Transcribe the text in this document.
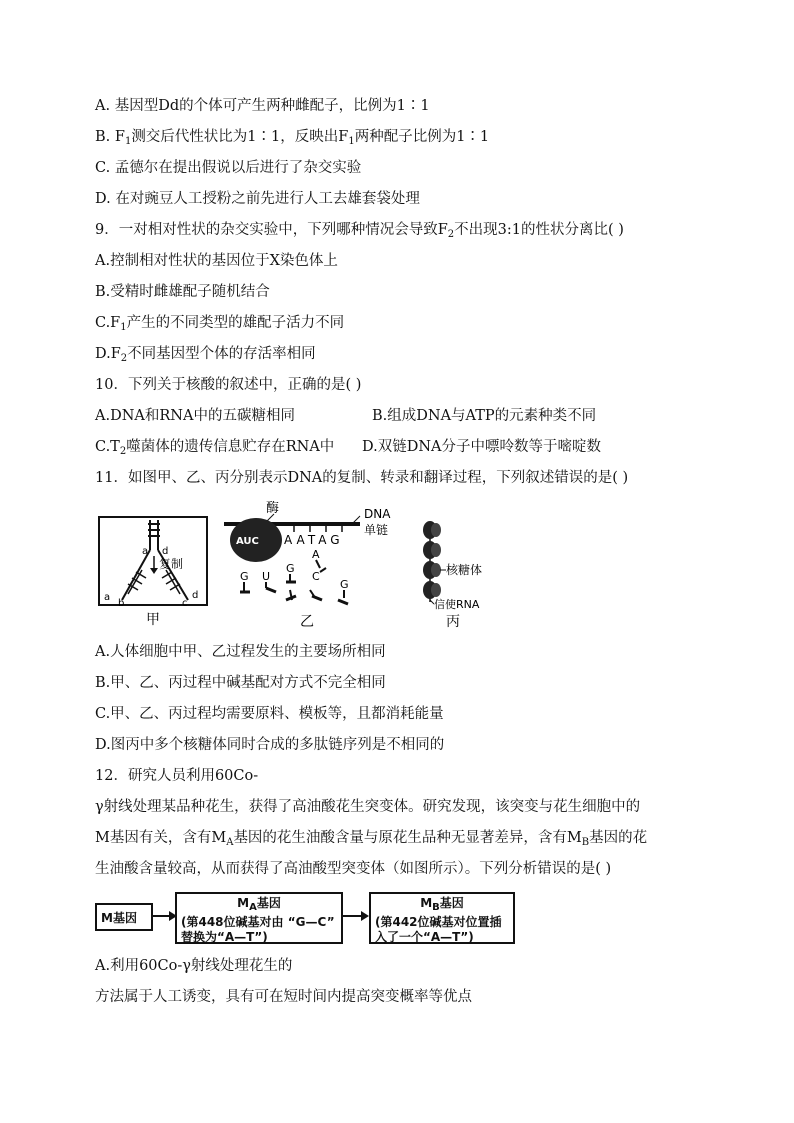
A. 基因型Dd的个体可产生两种雌配子，比例为1∶1
B. $F_1$测交后代性状比为1∶1，反映出$F_1$两种配子比例为1∶1
C. 孟德尔在提出假说以后进行了杂交实验
D. 在对豌豆人工授粉之前先进行人工去雄套袋处理
9．一对相对性状的杂交实验中，下列哪种情况会导致$F_2$不出现3:1的性状分离比( )
A.控制相对性状的基因位于X染色体上
B.受精时雌雄配子随机结合
$C.F_1$产生的不同类型的雄配子活力不同
$D.F_2$不同基因型个体的存活率相同
10．下列关于核酸的叙述中，正确的是( )
A.DNA和RNA中的五碳糖相同	B.组成DNA与ATP的元素种类不同
$C.T_2$噬菌体的遗传信息贮存在RNA中 D.双链DNA分子中嘌呤数等于嘧啶数
11．如图甲、乙、丙分别表示DNA的复制、转录和翻译过程，下列叙述错误的是( )
a d
复制
a
b	c
d
甲
酶	DNA
单链
AUC AATAG
A
G U
G
C
G
乙
核糖体
信使RNA
丙
A.人体细胞中甲、乙过程发生的主要场所相同
B.甲、乙、丙过程中碱基配对方式不完全相同
C.甲、乙、丙过程均需要原料、模板等，且都消耗能量
D.图丙中多个核糖体同时合成的多肽链序列是不相同的
12．研究人员利用60Co-
γ射线处理某品种花生，获得了高油酸花生突变体。研究发现，该突变与花生细胞中的
M基因有关，含有$M_A$基因的花生油酸含量与原花生品种无显著差异，含有$M_B$基因的花
生油酸含量较高，从而获得了高油酸型突变体（如图所示）。下列分析错误的是( )
M基因
$M_A$基因
(第448位碱基对由 “G—C”
替换为“A—T”)
$M_B$基因
(第442位碱基对位置插
入了一个“A—T”)
A.利用60Co-γ射线处理花生的
方法属于人工诱变，具有可在短时间内提高突变概率等优点
